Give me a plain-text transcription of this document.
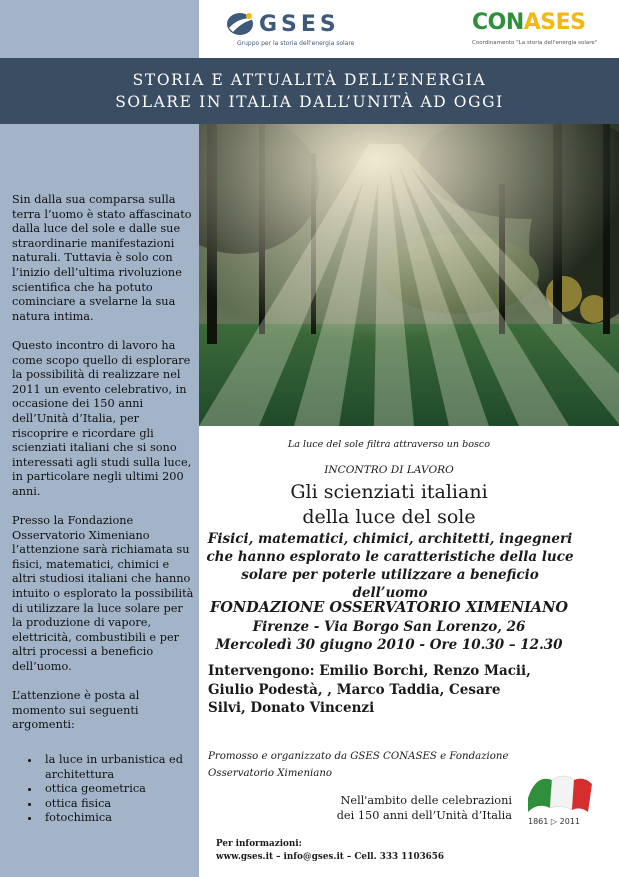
GSES
Gruppo per la storia dell'energia solare
CONASES
Coordinamento "La storia dell'energia solare"
STORIA E ATTUALITÀ DELL’ENERGIA
SOLARE IN ITALIA DALL’UNITÀ AD OGGI

Sin dalla sua comparsa sulla terra l’uomo è stato affascinato dalla luce del sole e dalle sue straordinarie manifestazioni naturali. Tuttavia è solo con l’inizio dell’ultima rivoluzione scientifica che ha potuto cominciare a svelarne la sua natura intima.

Questo incontro di lavoro ha come scopo quello di esplorare la possibilità di realizzare nel 2011 un evento celebrativo, in occasione dei 150 anni dell’Unità d’Italia, per riscoprire e ricordare gli scienziati italiani che si sono interessati agli studi sulla luce, in particolare negli ultimi 200 anni.

Presso la Fondazione Osservatorio Ximeniano l’attenzione sarà richiamata su fisici, matematici, chimici e altri studiosi italiani che hanno intuito o esplorato la possibilità di utilizzare la luce solare per la produzione di vapore, elettricità, combustibili e per altri processi a beneficio dell’uomo.

L’attenzione è posta al momento sui seguenti argomenti:

• la luce in urbanistica ed architettura
• ottica geometrica
• ottica fisica
• fotochimica
La luce del sole filtra attraverso un bosco
INCONTRO DI LAVORO
Gli scienziati italiani
della luce del sole
Fisici, matematici, chimici, architetti, ingegneri che hanno esplorato le caratteristiche della luce solare per poterle utilizzare a beneficio dell’uomo
FONDAZIONE OSSERVATORIO XIMENIANO
Firenze - Via Borgo San Lorenzo, 26
Mercoledì 30 giugno 2010 - Ore 10.30 – 12.30
Intervengono: Emilio Borchi, Renzo Macii, Giulio Podestà, , Marco Taddia, Cesare Silvi, Donato Vincenzi
Promosso e organizzato da GSES CONASES e Fondazione Osservatorio Ximeniano
Nell'ambito delle celebrazioni
dei 150 anni dell’Unità d’Italia 1861 ▷ 2011
Per informazioni:
www.gses.it – info@gses.it – Cell. 333 1103656
